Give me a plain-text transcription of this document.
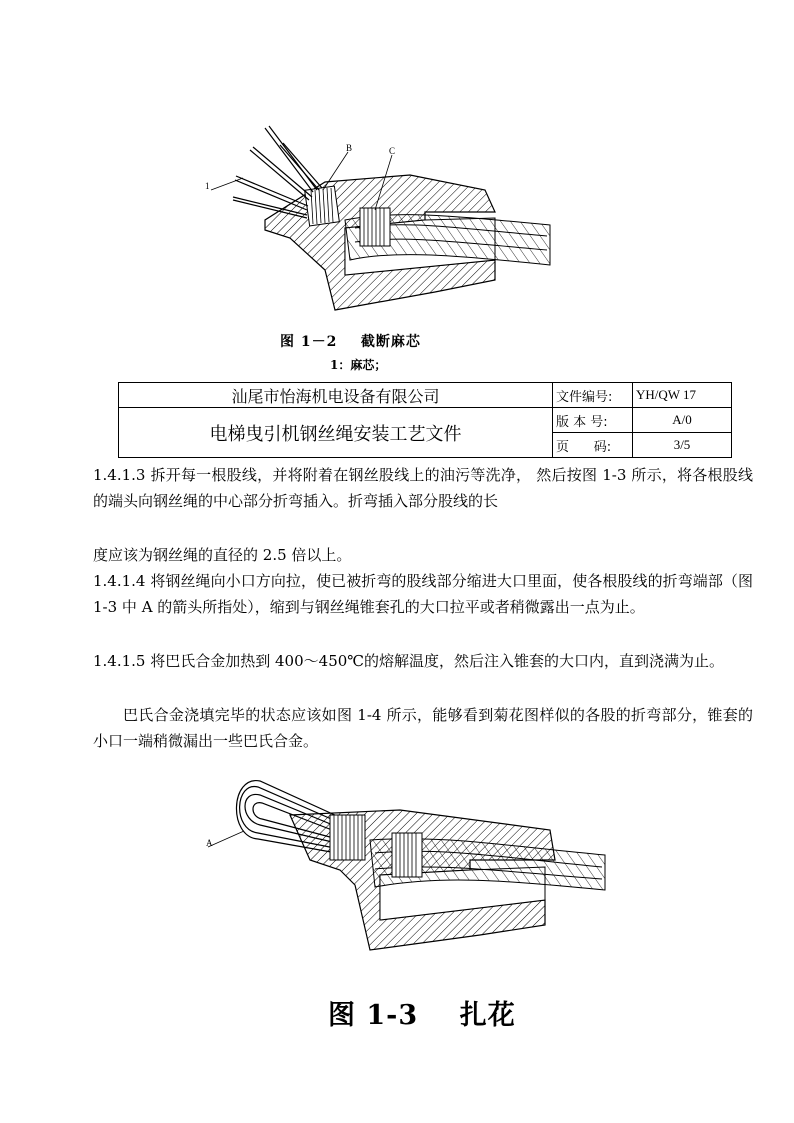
1
B	C
图 1－2    截断麻芯
1：麻芯；
汕尾市怡海机电设备有限公司	文件编号:	YH/QW 17
电梯曳引机钢丝绳安装工艺文件	版 本 号:	A/0
	页      码:	3/5
1.4.1.3 拆开每一根股线，并将附着在钢丝股线上的油污等洗净， 然后按图 1-3 所示，将各根股线的端头向钢丝绳的中心部分折弯插入。折弯插入部分股线的长
度应该为钢丝绳的直径的 2.5 倍以上。
1.4.1.4 将钢丝绳向小口方向拉，使已被折弯的股线部分缩进大口里面，使各根股线的折弯端部（图 1-3 中 A 的箭头所指处），缩到与钢丝绳锥套孔的大口拉平或者稍微露出一点为止。
1.4.1.5 将巴氏合金加热到 400～450℃的熔解温度，然后注入锥套的大口内，直到浇满为止。
巴氏合金浇填完毕的状态应该如图 1-4 所示，能够看到菊花图样似的各股的折弯部分，锥套的小口一端稍微漏出一些巴氏合金。
A
图 1-3    扎花
